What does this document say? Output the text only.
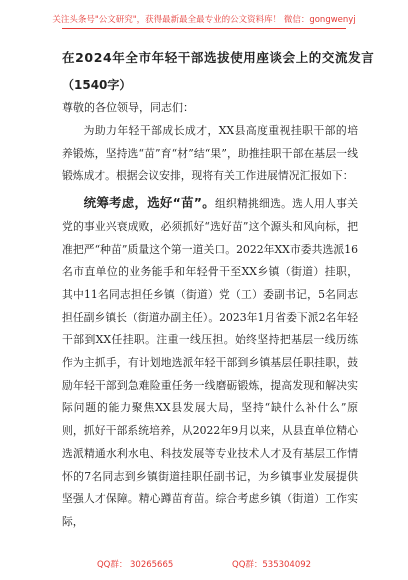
关注头条号"公文研究"，获得最新最全最专业的公文资料库！ 微信：gongwenyj
在2024年全市年轻干部选拔使用座谈会上的交流发言
（1540字）
尊敬的各位领导，同志们：

为助力年轻干部成长成才，XX县高度重视挂职干部的培养锻炼，坚持选“苗”育“材”结“果”，助推挂职干部在基层一线锻炼成才。根据会议安排，现将有关工作进展情况汇报如下：

统筹考虑，选好“苗”。组织精挑细选。选人用人事关党的事业兴衰成败，必须抓好“选好苗”这个源头和风向标，把准把严“种苗”质量这个第一道关口。2022年XX市委共选派16名市直单位的业务能手和年轻骨干至XX乡镇（街道）挂职，其中11名同志担任乡镇（街道）党（工）委副书记，5名同志担任副乡镇长（街道办副主任）。2023年1月省委下派2名年轻干部到XX任挂职。注重一线压担。始终坚持把基层一线历练作为主抓手，有计划地选派年轻干部到乡镇基层任职挂职，鼓励年轻干部到急难险重任务一线磨砺锻炼，提高发现和解决实际问题的能力聚焦XX县发展大局，坚持“缺什么补什么”原则，抓好干部系统培养，从2022年9月以来，从县直单位精心选派精通水利水电、科技发展等专业技术人才及有基层工作情怀的7名同志到乡镇街道挂职任副书记，为乡镇事业发展提供坚强人才保障。精心蹲苗育苗。综合考虑乡镇（街道）工作实际，

QQ群： 30265665	QQ群：535304092
